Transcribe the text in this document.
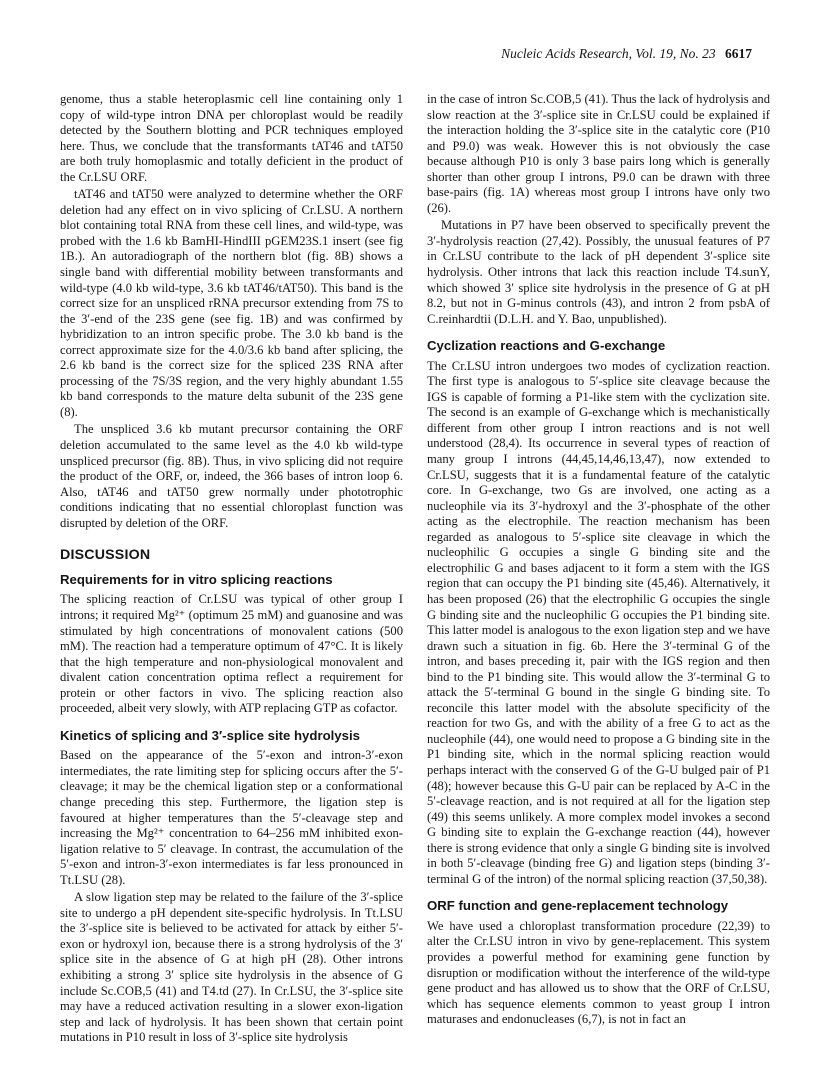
Nucleic Acids Research, Vol. 19, No. 23 6617

genome, thus a stable heteroplasmic cell line containing only 1 copy of wild-type intron DNA per chloroplast would be readily detected by the Southern blotting and PCR techniques employed here. Thus, we conclude that the transformants tAT46 and tAT50 are both truly homoplasmic and totally deficient in the product of the Cr.LSU ORF.

tAT46 and tAT50 were analyzed to determine whether the ORF deletion had any effect on in vivo splicing of Cr.LSU. A northern blot containing total RNA from these cell lines, and wild-type, was probed with the 1.6 kb BamHI-HindIII pGEM23S.1 insert (see fig 1B.). An autoradiograph of the northern blot (fig. 8B) shows a single band with differential mobility between transformants and wild-type (4.0 kb wild-type, 3.6 kb tAT46/tAT50). This band is the correct size for an unspliced rRNA precursor extending from 7S to the 3′-end of the 23S gene (see fig. 1B) and was confirmed by hybridization to an intron specific probe. The 3.0 kb band is the correct approximate size for the 4.0/3.6 kb band after splicing, the 2.6 kb band is the correct size for the spliced 23S RNA after processing of the 7S/3S region, and the very highly abundant 1.55 kb band corresponds to the mature delta subunit of the 23S gene (8).

The unspliced 3.6 kb mutant precursor containing the ORF deletion accumulated to the same level as the 4.0 kb wild-type unspliced precursor (fig. 8B). Thus, in vivo splicing did not require the product of the ORF, or, indeed, the 366 bases of intron loop 6. Also, tAT46 and tAT50 grew normally under phototrophic conditions indicating that no essential chloroplast function was disrupted by deletion of the ORF.

DISCUSSION
Requirements for in vitro splicing reactions

The splicing reaction of Cr.LSU was typical of other group I introns; it required Mg²⁺ (optimum 25 mM) and guanosine and was stimulated by high concentrations of monovalent cations (500 mM). The reaction had a temperature optimum of 47°C. It is likely that the high temperature and non-physiological monovalent and divalent cation concentration optima reflect a requirement for protein or other factors in vivo. The splicing reaction also proceeded, albeit very slowly, with ATP replacing GTP as cofactor.

Kinetics of splicing and 3′-splice site hydrolysis

Based on the appearance of the 5′-exon and intron-3′-exon intermediates, the rate limiting step for splicing occurs after the 5′-cleavage; it may be the chemical ligation step or a conformational change preceding this step. Furthermore, the ligation step is favoured at higher temperatures than the 5′-cleavage step and increasing the Mg²⁺ concentration to 64–256 mM inhibited exon-ligation relative to 5′ cleavage. In contrast, the accumulation of the 5′-exon and intron-3′-exon intermediates is far less pronounced in Tt.LSU (28).

A slow ligation step may be related to the failure of the 3′-splice site to undergo a pH dependent site-specific hydrolysis. In Tt.LSU the 3′-splice site is believed to be activated for attack by either 5′-exon or hydroxyl ion, because there is a strong hydrolysis of the 3′ splice site in the absence of G at high pH (28). Other introns exhibiting a strong 3′ splice site hydrolysis in the absence of G include Sc.COB,5 (41) and T4.td (27). In Cr.LSU, the 3′-splice site may have a reduced activation resulting in a slower exon-ligation step and lack of hydrolysis. It has been shown that certain point mutations in P10 result in loss of 3′-splice site hydrolysis

in the case of intron Sc.COB,5 (41). Thus the lack of hydrolysis and slow reaction at the 3′-splice site in Cr.LSU could be explained if the interaction holding the 3′-splice site in the catalytic core (P10 and P9.0) was weak. However this is not obviously the case because although P10 is only 3 base pairs long which is generally shorter than other group I introns, P9.0 can be drawn with three base-pairs (fig. 1A) whereas most group I introns have only two (26).

Mutations in P7 have been observed to specifically prevent the 3′-hydrolysis reaction (27,42). Possibly, the unusual features of P7 in Cr.LSU contribute to the lack of pH dependent 3′-splice site hydrolysis. Other introns that lack this reaction include T4.sunY, which showed 3′ splice site hydrolysis in the presence of G at pH 8.2, but not in G-minus controls (43), and intron 2 from psbA of C.reinhardtii (D.L.H. and Y. Bao, unpublished).

Cyclization reactions and G-exchange

The Cr.LSU intron undergoes two modes of cyclization reaction. The first type is analogous to 5′-splice site cleavage because the IGS is capable of forming a P1-like stem with the cyclization site. The second is an example of G-exchange which is mechanistically different from other group I intron reactions and is not well understood (28,4). Its occurrence in several types of reaction of many group I introns (44,45,14,46,13,47), now extended to Cr.LSU, suggests that it is a fundamental feature of the catalytic core. In G-exchange, two Gs are involved, one acting as a nucleophile via its 3′-hydroxyl and the 3′-phosphate of the other acting as the electrophile. The reaction mechanism has been regarded as analogous to 5′-splice site cleavage in which the nucleophilic G occupies a single G binding site and the electrophilic G and bases adjacent to it form a stem with the IGS region that can occupy the P1 binding site (45,46). Alternatively, it has been proposed (26) that the electrophilic G occupies the single G binding site and the nucleophilic G occupies the P1 binding site. This latter model is analogous to the exon ligation step and we have drawn such a situation in fig. 6b. Here the 3′-terminal G of the intron, and bases preceding it, pair with the IGS region and then bind to the P1 binding site. This would allow the 3′-terminal G to attack the 5′-terminal G bound in the single G binding site. To reconcile this latter model with the absolute specificity of the reaction for two Gs, and with the ability of a free G to act as the nucleophile (44), one would need to propose a G binding site in the P1 binding site, which in the normal splicing reaction would perhaps interact with the conserved G of the G-U bulged pair of P1 (48); however because this G-U pair can be replaced by A-C in the 5′-cleavage reaction, and is not required at all for the ligation step (49) this seems unlikely. A more complex model invokes a second G binding site to explain the G-exchange reaction (44), however there is strong evidence that only a single G binding site is involved in both 5′-cleavage (binding free G) and ligation steps (binding 3′-terminal G of the intron) of the normal splicing reaction (37,50,38).

ORF function and gene-replacement technology

We have used a chloroplast transformation procedure (22,39) to alter the Cr.LSU intron in vivo by gene-replacement. This system provides a powerful method for examining gene function by disruption or modification without the interference of the wild-type gene product and has allowed us to show that the ORF of Cr.LSU, which has sequence elements common to yeast group I intron maturases and endonucleases (6,7), is not in fact an
